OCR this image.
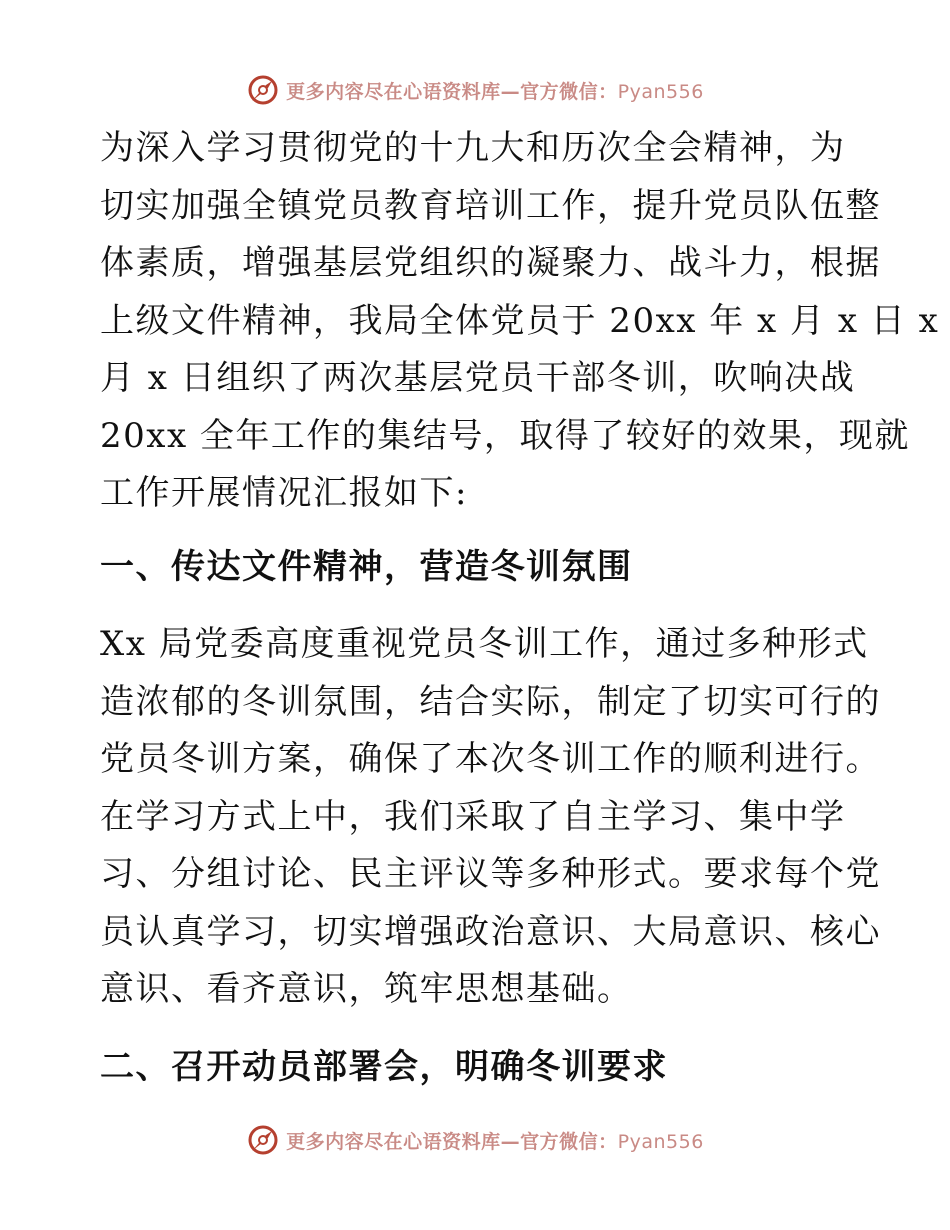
更多内容尽在心语资料库—官方微信：Pyan556

为深入学习贯彻党的十九大和历次全会精神，为
切实加强全镇党员教育培训工作，提升党员队伍整
体素质，增强基层党组织的凝聚力、战斗力，根据
上级文件精神，我局全体党员于 20xx 年 x 月 x 日 x
月 x 日组织了两次基层党员干部冬训，吹响决战
20xx 全年工作的集结号，取得了较好的效果，现就
工作开展情况汇报如下:

一、传达文件精神，营造冬训氛围

Xx 局党委高度重视党员冬训工作，通过多种形式
造浓郁的冬训氛围，结合实际，制定了切实可行的
党员冬训方案，确保了本次冬训工作的顺利进行。
在学习方式上中，我们采取了自主学习、集中学
习、分组讨论、民主评议等多种形式。要求每个党
员认真学习，切实增强政治意识、大局意识、核心
意识、看齐意识，筑牢思想基础。

二、召开动员部署会，明确冬训要求
更多内容尽在心语资料库—官方微信：Pyan556
